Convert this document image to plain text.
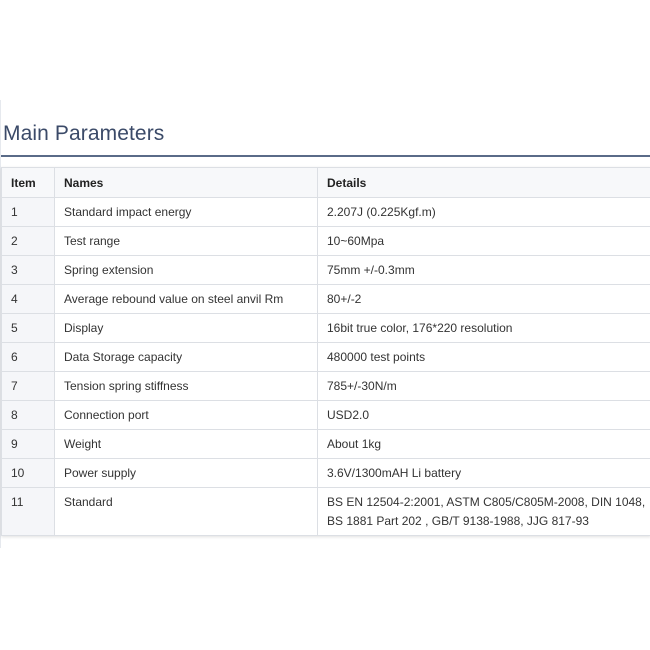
Main Parameters
Item	Names	Details
1	Standard impact energy	2.207J (0.225Kgf.m)
2	Test range	10~60Mpa
3	Spring extension	75mm +/-0.3mm
4	Average rebound value on steel anvil Rm	80+/-2
5	Display	16bit true color, 176*220 resolution
6	Data Storage capacity	480000 test points
7	Tension spring stiffness	785+/-30N/m
8	Connection port	USD2.0
9	Weight	About 1kg
10	Power supply	3.6V/1300mAH Li battery
11	Standard	BS EN 12504-2:2001, ASTM C805/C805M-2008, DIN 1048, BS 1881 Part 202 , GB/T 9138-1988, JJG 817-93
